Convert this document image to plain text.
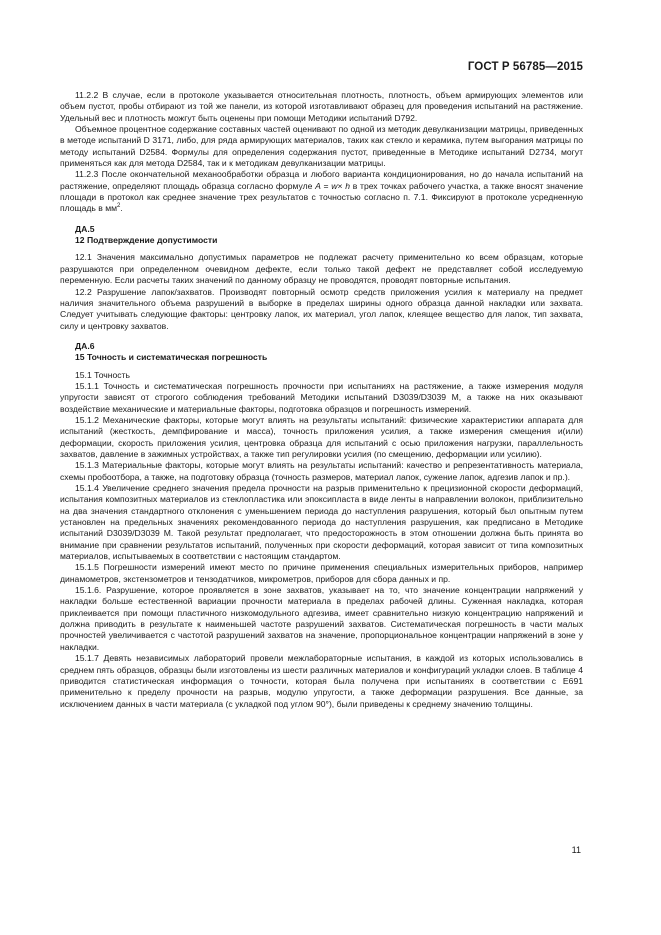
ГОСТ Р 56785—2015

11.2.2 В случае, если в протоколе указывается относительная плотность, плотность, объем армирующих элементов или объем пустот, пробы отбирают из той же панели, из которой изготавливают образец для проведения испытаний на растяжение. Удельный вес и плотность можгут быть оценены при помощи Методики испытаний D792.

Объемное процентное содержание составных частей оценивают по одной из методик девулканизации матрицы, приведенных в методе испытаний D 3171, либо, для ряда армирующих материалов, таких как стекло и керамика, путем выгорания матрицы по методу испытаний D2584. Формулы для определения содержания пустот, приведенные в Методике испытаний D2734, могут применяться как для метода D2584, так и к методикам девулканизации матрицы.

11.2.3 После окончательной механообработки образца и любого варианта кондиционирования, но до начала испытаний на растяжение, определяют площадь образца согласно формуле A = w× h в трех точках рабочего участка, а также вносят значение площади в протокол как среднее значение трех результатов с точностью согласно п. 7.1. Фиксируют в протоколе усредненную площадь в $мм^2$.

ДА.5

12 Подтверждение допустимости

12.1 Значения максимально допустимых параметров не подлежат расчету применительно ко всем образцам, которые разрушаются при определенном очевидном дефекте, если только такой дефект не представляет собой исследуемую переменную. Если расчеты таких значений по данному образцу не проводятся, проводят повторные испытания.

12.2 Разрушение лапок/захватов. Производят повторный осмотр средств приложения усилия к материалу на предмет наличия значительного объема разрушений в выборке в пределах ширины одного образца данной накладки или захвата. Следует учитывать следующие факторы: центровку лапок, их материал, угол лапок, клеящее вещество для лапок, тип захвата, силу и центровку захватов.

ДА.6

15 Точность и систематическая погрешность

15.1 Точность

15.1.1 Точность и систематическая погрешность прочности при испытаниях на растяжение, а также измерения модуля упругости зависят от строгого соблюдения требований Методики испытаний D3039/D3039 M, а также на них оказывают воздействие механические и материальные факторы, подготовка образцов и погрешность измерений.

15.1.2 Механические факторы, которые могут влиять на результаты испытаний: физические характеристики аппарата для испытаний (жесткость, демпфирование и масса), точность приложения усилия, а также измерения смещения и(или) деформации, скорость приложения усилия, центровка образца для испытаний с осью приложения нагрузки, параллельность захватов, давление в зажимных устройствах, а также тип регулировки усилия (по смещению, деформации или усилию).

15.1.3 Материальные факторы, которые могут влиять на результаты испытаний: качество и репрезентативность материала, схемы пробоотбора, а также, на подготовку образца (точность размеров, материал лапок, сужение лапок, адгезив лапок и пр.).

15.1.4 Увеличение среднего значения предела прочности на разрыв применительно к прецизионной скорости деформаций, испытания композитных материалов из стеклопластика или эпоксипласта в виде ленты в направлении волокон, приблизительно на два значения стандартного отклонения с уменьшением периода до наступления разрушения, который был опытным путем установлен на предельных значениях рекомендованного периода до наступления разрушения, как предписано в Методике испытаний D3039/D3039 M. Такой результат предполагает, что предосторожность в этом отношении должна быть принята во внимание при сравнении результатов испытаний, полученных при скорости деформаций, которая зависит от типа композитных материалов, испытываемых в соответствии с настоящим стандартом.

15.1.5 Погрешности измерений имеют место по причине применения специальных измерительных приборов, например динамометров, экстензометров и тензодатчиков, микрометров, приборов для сбора данных и пр.

15.1.6. Разрушение, которое проявляется в зоне захватов, указывает на то, что значение концентрации напряжений у накладки больше естественной вариации прочности материала в пределах рабочей длины. Суженная накладка, которая приклеивается при помощи пластичного низкомодульного адгезива, имеет сравнительно низкую концентрацию напряжений и должна приводить в результате к наименьшей частоте разрушений захватов. Систематическая погрешность в части малых прочностей увеличивается с частотой разрушений захватов на значение, пропорциональное концентрации напряжений в зоне у накладки.

15.1.7 Девять независимых лабораторий провели межлабораторные испытания, в каждой из которых использовались в среднем пять образцов, образцы были изготовлены из шести различных материалов и конфигураций укладки слоев. В таблице 4 приводится статистическая информация о точности, которая была получена при испытаниях в соответствии с E691 применительно к пределу прочности на разрыв, модулю упругости, а также деформации разрушения. Все данные, за исключением данных в части материала (с укладкой под углом 90°), были приведены к среднему значению толщины.

11
